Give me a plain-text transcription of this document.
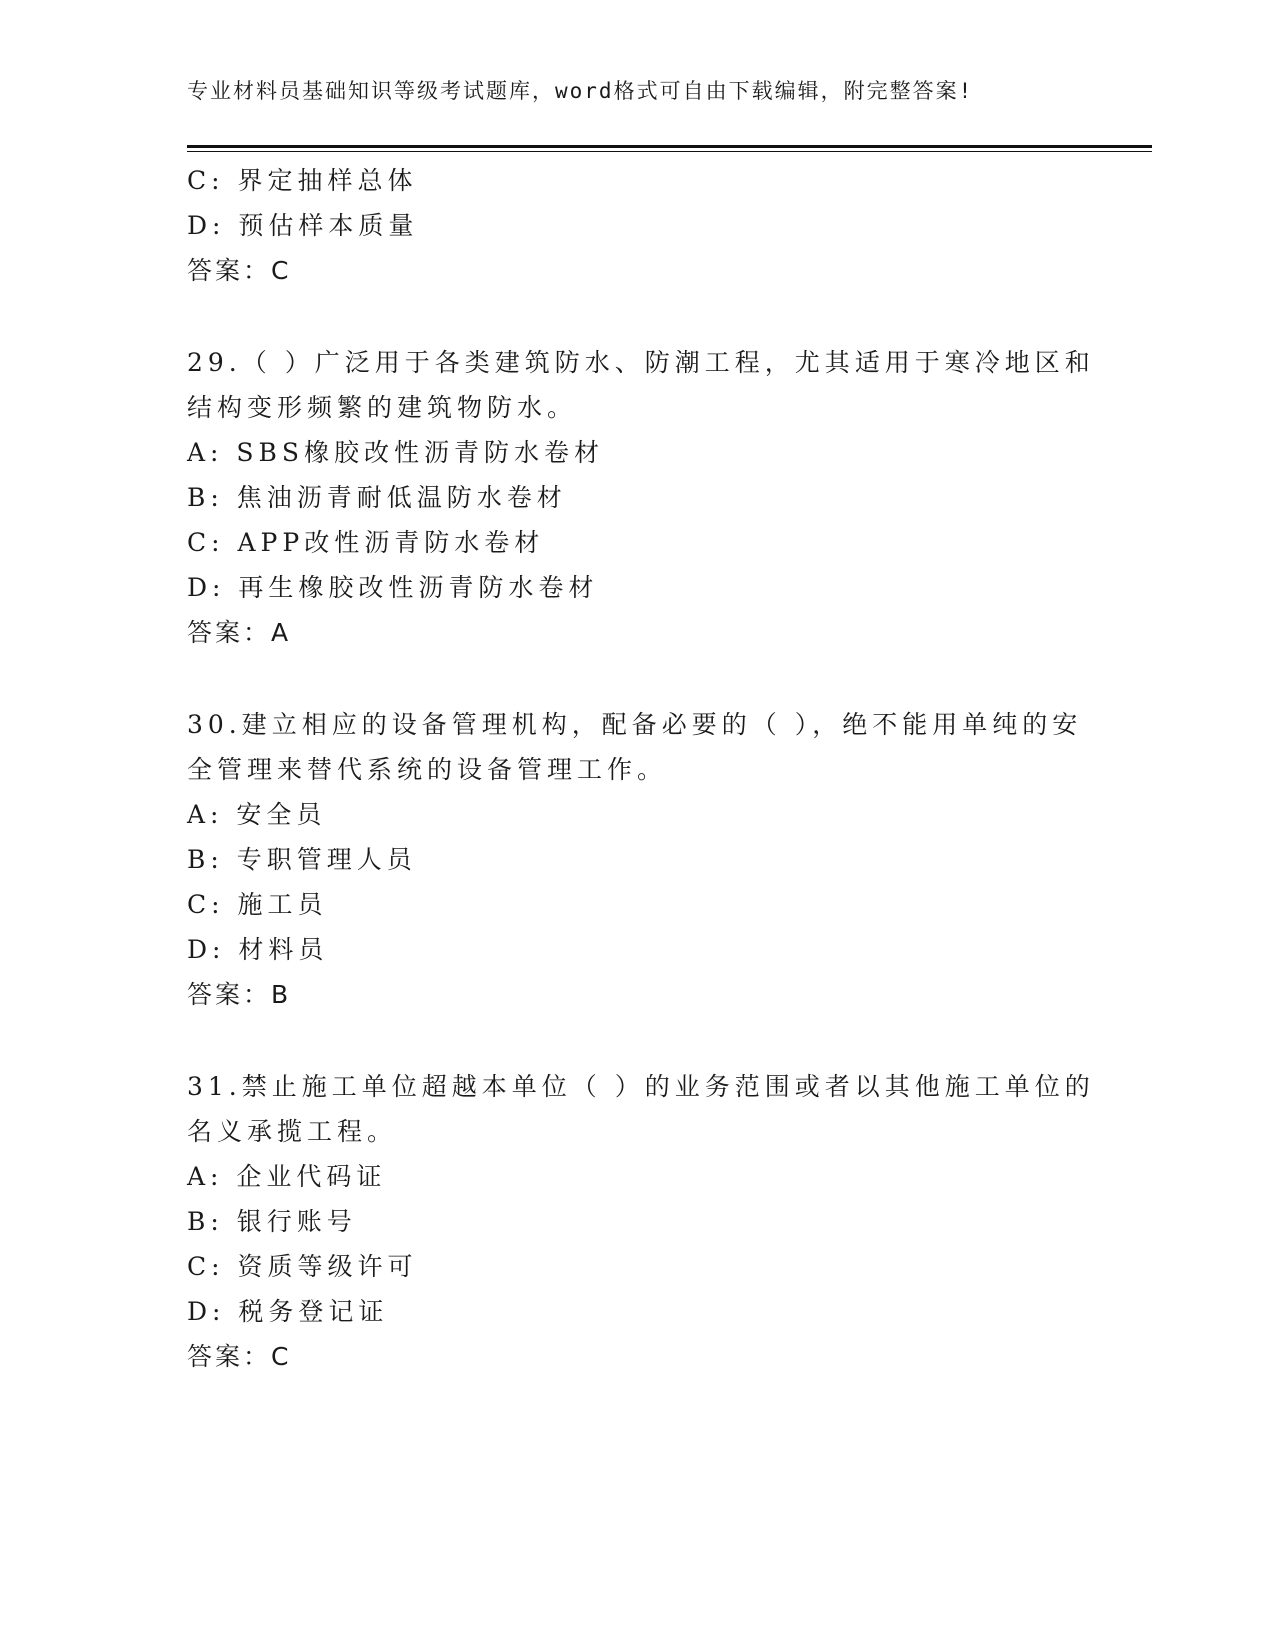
专业材料员基础知识等级考试题库，word格式可自由下载编辑，附完整答案!
C: 界定抽样总体
D: 预估样本质量
答案：C
29.（ ）广泛用于各类建筑防水、防潮工程，尤其适用于寒冷地区和
结构变形频繁的建筑物防水。
A: SBS橡胶改性沥青防水卷材
B: 焦油沥青耐低温防水卷材
C: APP改性沥青防水卷材
D: 再生橡胶改性沥青防水卷材
答案：A
30.建立相应的设备管理机构，配备必要的（ ），绝不能用单纯的安
全管理来替代系统的设备管理工作。
A: 安全员
B: 专职管理人员
C: 施工员
D: 材料员
答案：B
31.禁止施工单位超越本单位（ ）的业务范围或者以其他施工单位的
名义承揽工程。
A: 企业代码证
B: 银行账号
C: 资质等级许可
D: 税务登记证
答案：C
